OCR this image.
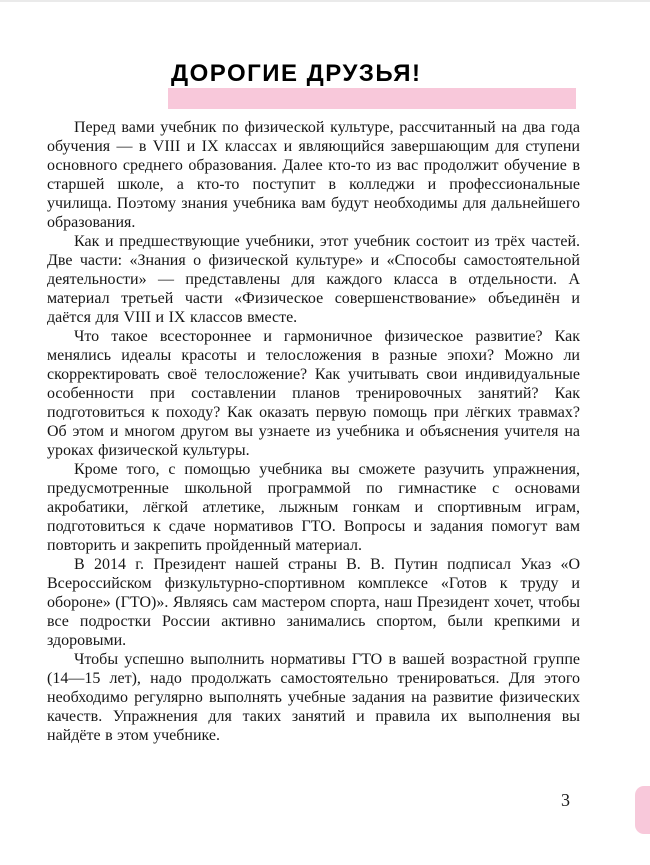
ДОРОГИЕ ДРУЗЬЯ!

Перед вами учебник по физической культуре, рассчитанный на два года обучения — в VIII и IX классах и являющийся завершающим для ступени основного среднего образования. Далее кто-то из вас продолжит обучение в старшей школе, а кто-то поступит в колледжи и профессиональные училища. Поэтому знания учебника вам будут необходимы для дальнейшего образования.

Как и предшествующие учебники, этот учебник состоит из трёх частей. Две части: «Знания о физической культуре» и «Способы самостоятельной деятельности» — представлены для каждого класса в отдельности. А материал третьей части «Физическое совершенствование» объединён и даётся для VIII и IX классов вместе.

Что такое всестороннее и гармоничное физическое развитие? Как менялись идеалы красоты и телосложения в разные эпохи? Можно ли скорректировать своё телосложение? Как учитывать свои индивидуальные особенности при составлении планов тренировочных занятий? Как подготовиться к походу? Как оказать первую помощь при лёгких травмах? Об этом и многом другом вы узнаете из учебника и объяснения учителя на уроках физической культуры.

Кроме того, с помощью учебника вы сможете разучить упражнения, предусмотренные школьной программой по гимнастике с основами акробатики, лёгкой атлетике, лыжным гонкам и спортивным играм, подготовиться к сдаче нормативов ГТО. Вопросы и задания помогут вам повторить и закрепить пройденный материал.

В 2014 г. Президент нашей страны В. В. Путин подписал Указ «О Всероссийском физкультурно-спортивном комплексе «Готов к труду и обороне» (ГТО)». Являясь сам мастером спорта, наш Президент хочет, чтобы все подростки России активно занимались спортом, были крепкими и здоровыми.

Чтобы успешно выполнить нормативы ГТО в вашей возрастной группе (14—15 лет), надо продолжать самостоятельно тренироваться. Для этого необходимо регулярно выполнять учебные задания на развитие физических качеств. Упражнения для таких занятий и правила их выполнения вы найдёте в этом учебнике.

3
